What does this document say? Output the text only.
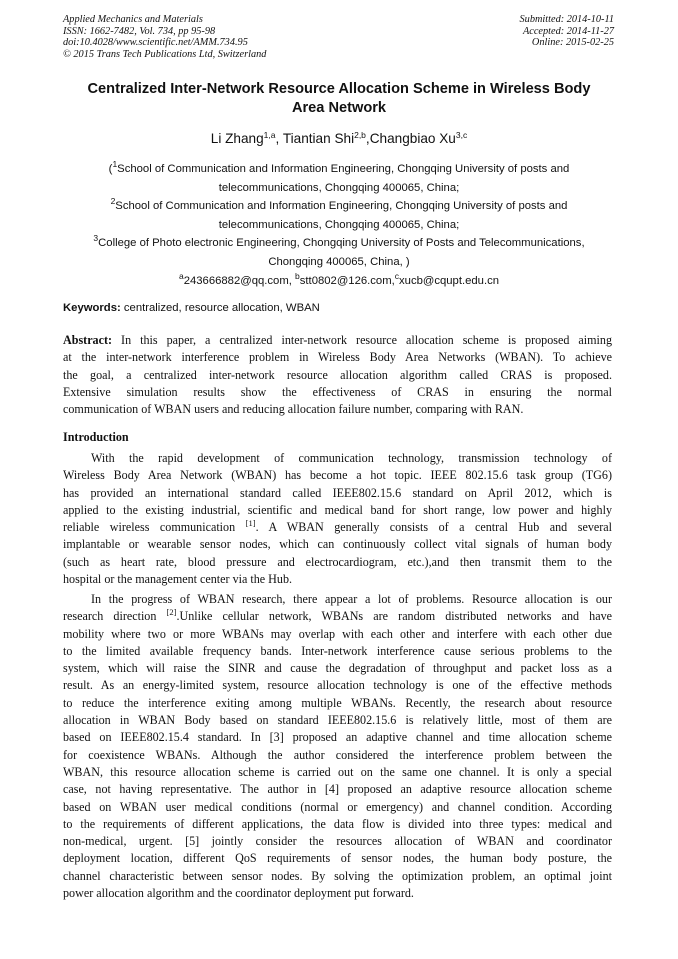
Applied Mechanics and Materials
ISSN: 1662-7482, Vol. 734, pp 95-98
doi:10.4028/www.scientific.net/AMM.734.95
© 2015 Trans Tech Publications Ltd, Switzerland
Submitted: 2014-10-11
Accepted: 2014-11-27
Online: 2015-02-25
Centralized Inter-Network Resource Allocation Scheme in Wireless Body
Area Network
Li Zhang$^{1,a}$, Tiantian Shi$^{2,b}$,Changbiao Xu$^{3,c}$
($^1$School of Communication and Information Engineering, Chongqing University of posts and
telecommunications, Chongqing 400065, China;
$^2$School of Communication and Information Engineering, Chongqing University of posts and
telecommunications, Chongqing 400065, China;
$^3$College of Photo electronic Engineering, Chongqing University of Posts and Telecommunications,
Chongqing 400065, China, )
$^a$243666882@qq.com, $^b$stt0802@126.com,$^c$xucb@cqupt.edu.cn
Keywords: centralized, resource allocation, WBAN
Abstract: In this paper, a centralized inter-network resource allocation scheme is proposed aiming
at the inter-network interference problem in Wireless Body Area Networks (WBAN). To achieve
the goal, a centralized inter-network resource allocation algorithm called CRAS is proposed.
Extensive simulation results show the effectiveness of CRAS in ensuring the normal
communication of WBAN users and reducing allocation failure number, comparing with RAN.
Introduction
With the rapid development of communication technology, transmission technology of
Wireless Body Area Network (WBAN) has become a hot topic. IEEE 802.15.6 task group (TG6)
has provided an international standard called IEEE802.15.6 standard on April 2012, which is
applied to the existing industrial, scientific and medical band for short range, low power and highly
reliable wireless communication [1]. A WBAN generally consists of a central Hub and several
implantable or wearable sensor nodes, which can continuously collect vital signals of human body
(such as heart rate, blood pressure and electrocardiogram, etc.),and then transmit them to the
hospital or the management center via the Hub.
In the progress of WBAN research, there appear a lot of problems. Resource allocation is our
research direction [2].Unlike cellular network, WBANs are random distributed networks and have
mobility where two or more WBANs may overlap with each other and interfere with each other due
to the limited available frequency bands. Inter-network interference cause serious problems to the
system, which will raise the SINR and cause the degradation of throughput and packet loss as a
result. As an energy-limited system, resource allocation technology is one of the effective methods
to reduce the interference exiting among multiple WBANs. Recently, the research about resource
allocation in WBAN Body based on standard IEEE802.15.6 is relatively little, most of them are
based on IEEE802.15.4 standard. In [3] proposed an adaptive channel and time allocation scheme
for coexistence WBANs. Although the author considered the interference problem between the
WBAN, this resource allocation scheme is carried out on the same one channel. It is only a special
case, not having representative. The author in [4] proposed an adaptive resource allocation scheme
based on WBAN user medical conditions (normal or emergency) and channel condition. According
to the requirements of different applications, the data flow is divided into three types: medical and
non-medical, urgent. [5] jointly consider the resources allocation of WBAN and coordinator
deployment location, different QoS requirements of sensor nodes, the human body posture, the
channel characteristic between sensor nodes. By solving the optimization problem, an optimal joint
power allocation algorithm and the coordinator deployment put forward.
